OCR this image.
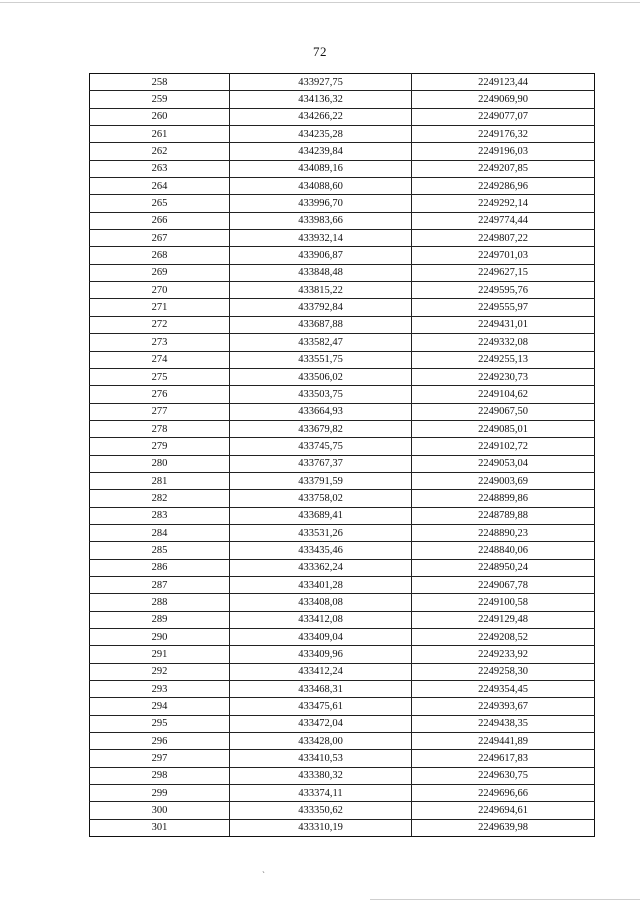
72
258	433927,75	2249123,44
259	434136,32	2249069,90
260	434266,22	2249077,07
261	434235,28	2249176,32
262	434239,84	2249196,03
263	434089,16	2249207,85
264	434088,60	2249286,96
265	433996,70	2249292,14
266	433983,66	2249774,44
267	433932,14	2249807,22
268	433906,87	2249701,03
269	433848,48	2249627,15
270	433815,22	2249595,76
271	433792,84	2249555,97
272	433687,88	2249431,01
273	433582,47	2249332,08
274	433551,75	2249255,13
275	433506,02	2249230,73
276	433503,75	2249104,62
277	433664,93	2249067,50
278	433679,82	2249085,01
279	433745,75	2249102,72
280	433767,37	2249053,04
281	433791,59	2249003,69
282	433758,02	2248899,86
283	433689,41	2248789,88
284	433531,26	2248890,23
285	433435,46	2248840,06
286	433362,24	2248950,24
287	433401,28	2249067,78
288	433408,08	2249100,58
289	433412,08	2249129,48
290	433409,04	2249208,52
291	433409,96	2249233,92
292	433412,24	2249258,30
293	433468,31	2249354,45
294	433475,61	2249393,67
295	433472,04	2249438,35
296	433428,00	2249441,89
297	433410,53	2249617,83
298	433380,32	2249630,75
299	433374,11	2249696,66
300	433350,62	2249694,61
301	433310,19	2249639,98
`
